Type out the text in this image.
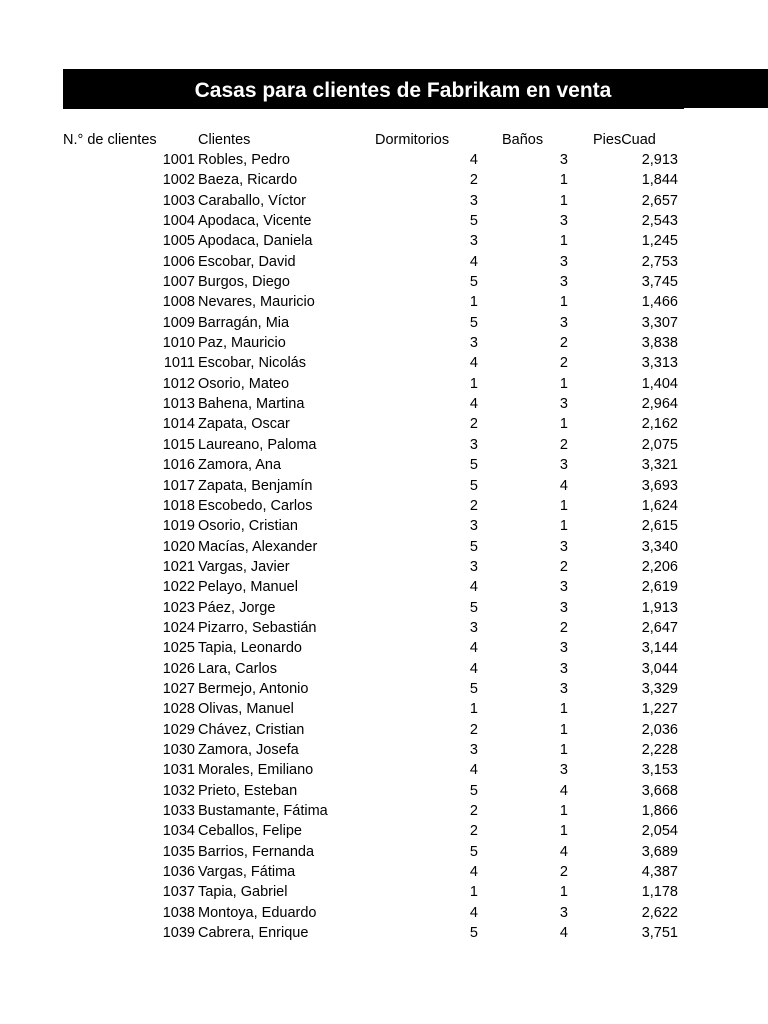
Casas para clientes de Fabrikam en venta
N.° de clientes	Clientes	Dormitorios	Baños	PiesCuad
1001 Robles, Pedro	4	3	2,913
1002 Baeza, Ricardo	2	1	1,844
1003 Caraballo, Víctor	3	1	2,657
1004 Apodaca, Vicente	5	3	2,543
1005 Apodaca, Daniela	3	1	1,245
1006 Escobar, David	4	3	2,753
1007 Burgos, Diego	5	3	3,745
1008 Nevares, Mauricio	1	1	1,466
1009 Barragán, Mia	5	3	3,307
1010 Paz, Mauricio	3	2	3,838
1011 Escobar, Nicolás	4	2	3,313
1012 Osorio, Mateo	1	1	1,404
1013 Bahena, Martina	4	3	2,964
1014 Zapata, Oscar	2	1	2,162
1015 Laureano, Paloma	3	2	2,075
1016 Zamora, Ana	5	3	3,321
1017 Zapata, Benjamín	5	4	3,693
1018 Escobedo, Carlos	2	1	1,624
1019 Osorio, Cristian	3	1	2,615
1020 Macías, Alexander	5	3	3,340
1021 Vargas, Javier	3	2	2,206
1022 Pelayo, Manuel	4	3	2,619
1023 Páez, Jorge	5	3	1,913
1024 Pizarro, Sebastián	3	2	2,647
1025 Tapia, Leonardo	4	3	3,144
1026 Lara, Carlos	4	3	3,044
1027 Bermejo, Antonio	5	3	3,329
1028 Olivas, Manuel	1	1	1,227
1029 Chávez, Cristian	2	1	2,036
1030 Zamora, Josefa	3	1	2,228
1031 Morales, Emiliano	4	3	3,153
1032 Prieto, Esteban	5	4	3,668
1033 Bustamante, Fátima	2	1	1,866
1034 Ceballos, Felipe	2	1	2,054
1035 Barrios, Fernanda	5	4	3,689
1036 Vargas, Fátima	4	2	4,387
1037 Tapia, Gabriel	1	1	1,178
1038 Montoya, Eduardo	4	3	2,622
1039 Cabrera, Enrique	5	4	3,751
